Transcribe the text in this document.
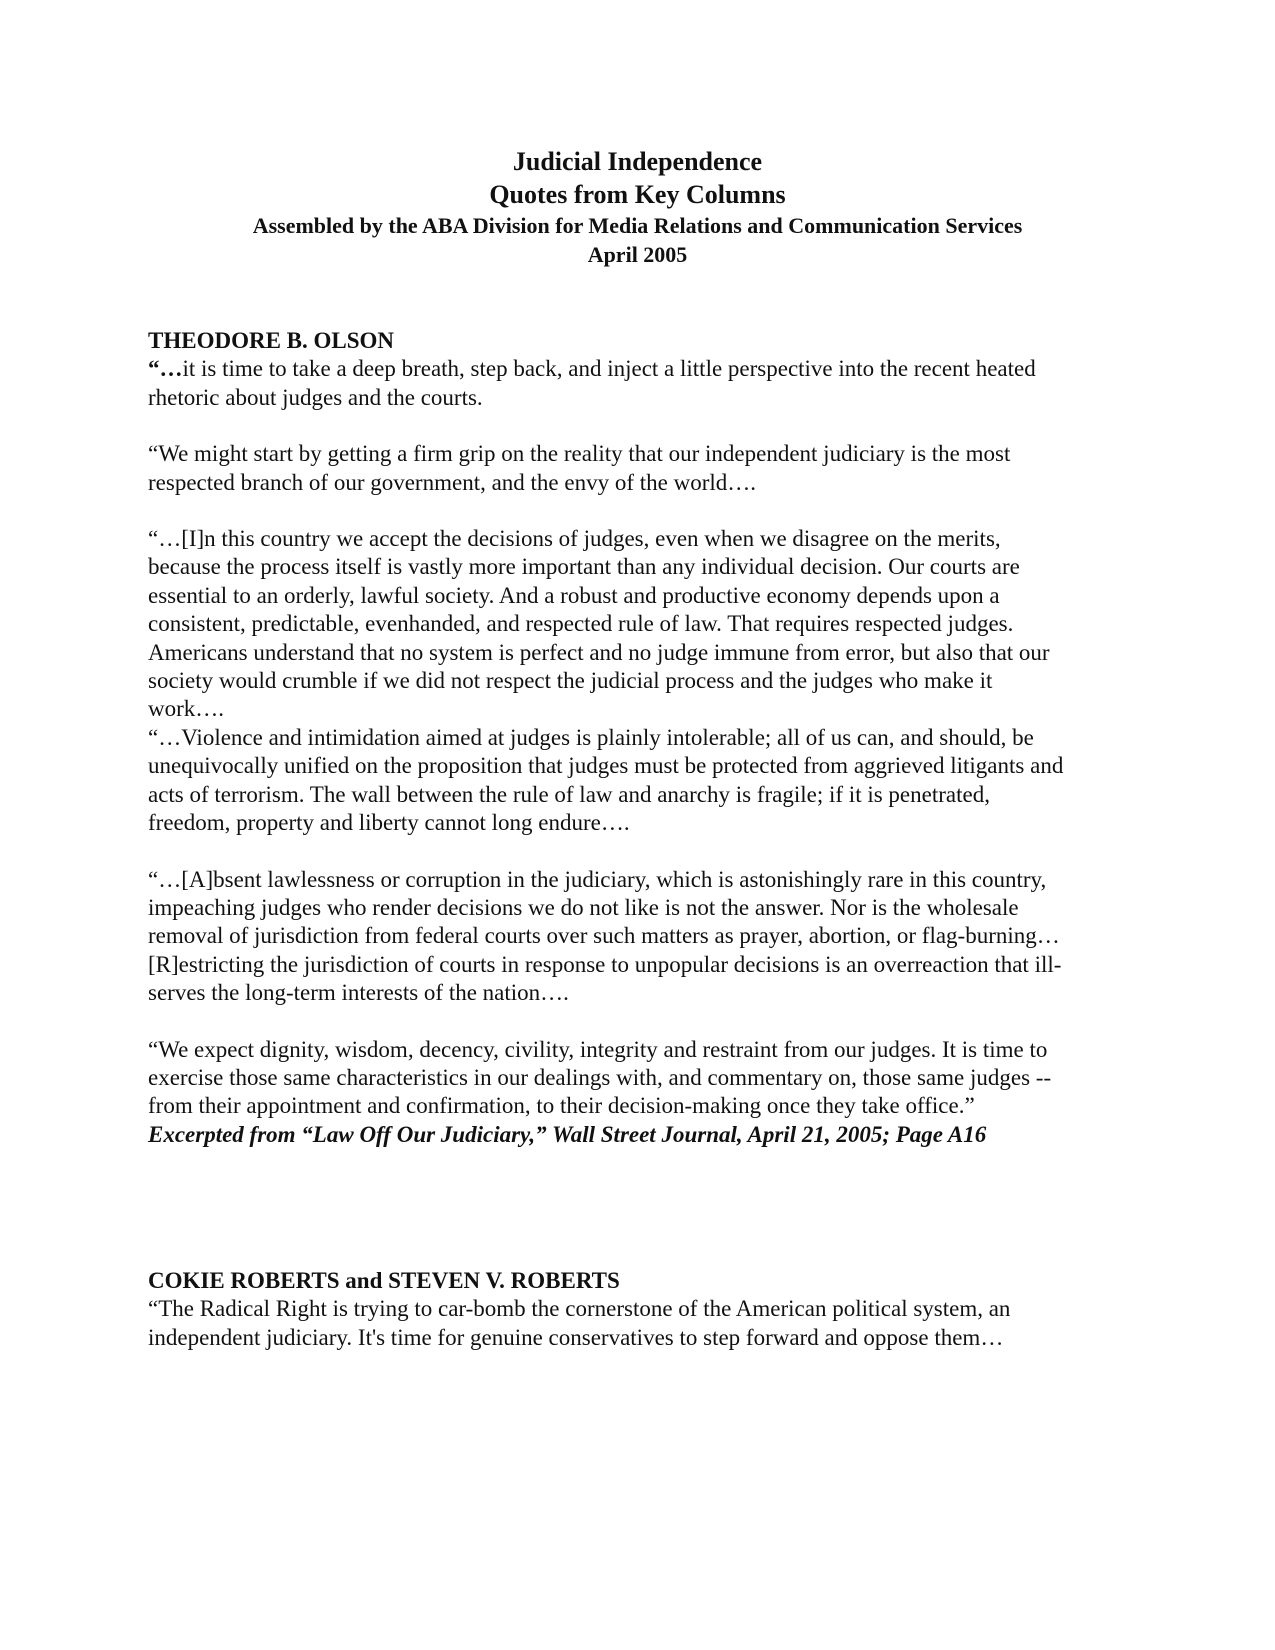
Judicial Independence
Quotes from Key Columns
Assembled by the ABA Division for Media Relations and Communication Services
April 2005

THEODORE B. OLSON

“…it is time to take a deep breath, step back, and inject a little perspective into the recent heated rhetoric about judges and the courts.

“We might start by getting a firm grip on the reality that our independent judiciary is the most respected branch of our government, and the envy of the world….

“…[I]n this country we accept the decisions of judges, even when we disagree on the merits, because the process itself is vastly more important than any individual decision. Our courts are essential to an orderly, lawful society. And a robust and productive economy depends upon a consistent, predictable, evenhanded, and respected rule of law. That requires respected judges. Americans understand that no system is perfect and no judge immune from error, but also that our society would crumble if we did not respect the judicial process and the judges who make it work….

“…Violence and intimidation aimed at judges is plainly intolerable; all of us can, and should, be unequivocally unified on the proposition that judges must be protected from aggrieved litigants and acts of terrorism. The wall between the rule of law and anarchy is fragile; if it is penetrated, freedom, property and liberty cannot long endure….

“…[A]bsent lawlessness or corruption in the judiciary, which is astonishingly rare in this country, impeaching judges who render decisions we do not like is not the answer. Nor is the wholesale removal of jurisdiction from federal courts over such matters as prayer, abortion, or flag-burning… [R]estricting the jurisdiction of courts in response to unpopular decisions is an overreaction that ill-serves the long-term interests of the nation….

“We expect dignity, wisdom, decency, civility, integrity and restraint from our judges. It is time to exercise those same characteristics in our dealings with, and commentary on, those same judges -- from their appointment and confirmation, to their decision-making once they take office.”

Excerpted from “Law Off Our Judiciary,” Wall Street Journal, April 21, 2005; Page A16

COKIE ROBERTS and STEVEN V. ROBERTS

“The Radical Right is trying to car-bomb the cornerstone of the American political system, an independent judiciary. It's time for genuine conservatives to step forward and oppose them…
